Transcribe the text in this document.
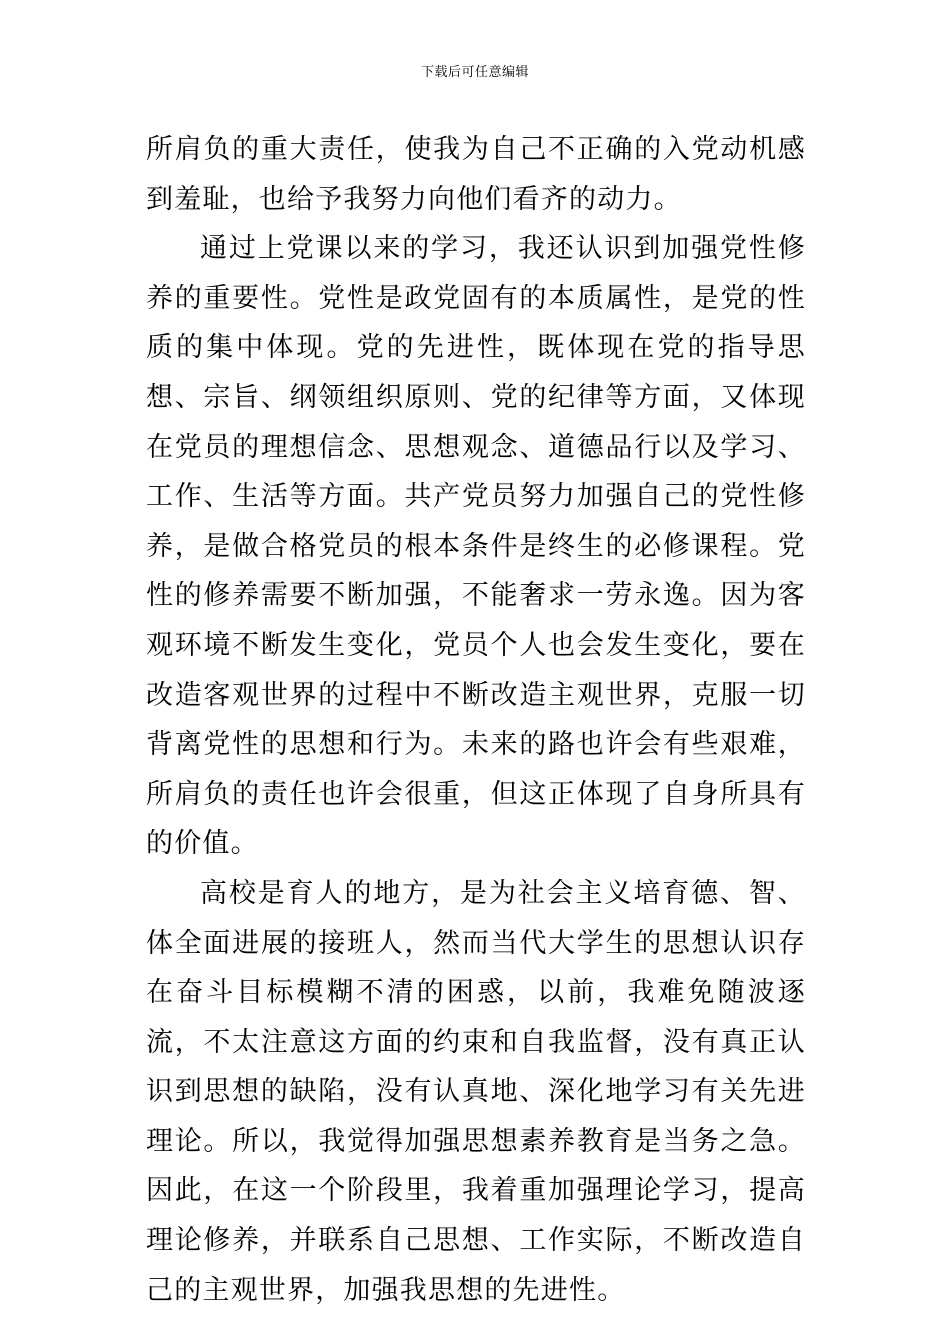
下载后可任意编辑

所肩负的重大责任，使我为自己不正确的入党动机感到羞耻，也给予我努力向他们看齐的动力。

通过上党课以来的学习，我还认识到加强党性修养的重要性。党性是政党固有的本质属性，是党的性质的集中体现。党的先进性，既体现在党的指导思想、宗旨、纲领组织原则、党的纪律等方面，又体现在党员的理想信念、思想观念、道德品行以及学习、工作、生活等方面。共产党员努力加强自己的党性修养，是做合格党员的根本条件是终生的必修课程。党性的修养需要不断加强，不能奢求一劳永逸。因为客观环境不断发生变化，党员个人也会发生变化，要在改造客观世界的过程中不断改造主观世界，克服一切背离党性的思想和行为。未来的路也许会有些艰难，所肩负的责任也许会很重，但这正体现了自身所具有的价值。

高校是育人的地方，是为社会主义培育德、智、体全面进展的接班人，然而当代大学生的思想认识存在奋斗目标模糊不清的困惑，以前，我难免随波逐流，不太注意这方面的约束和自我监督，没有真正认识到思想的缺陷，没有认真地、深化地学习有关先进理论。所以，我觉得加强思想素养教育是当务之急。因此，在这一个阶段里，我着重加强理论学习，提高理论修养，并联系自己思想、工作实际，不断改造自己的主观世界，加强我思想的先进性。
